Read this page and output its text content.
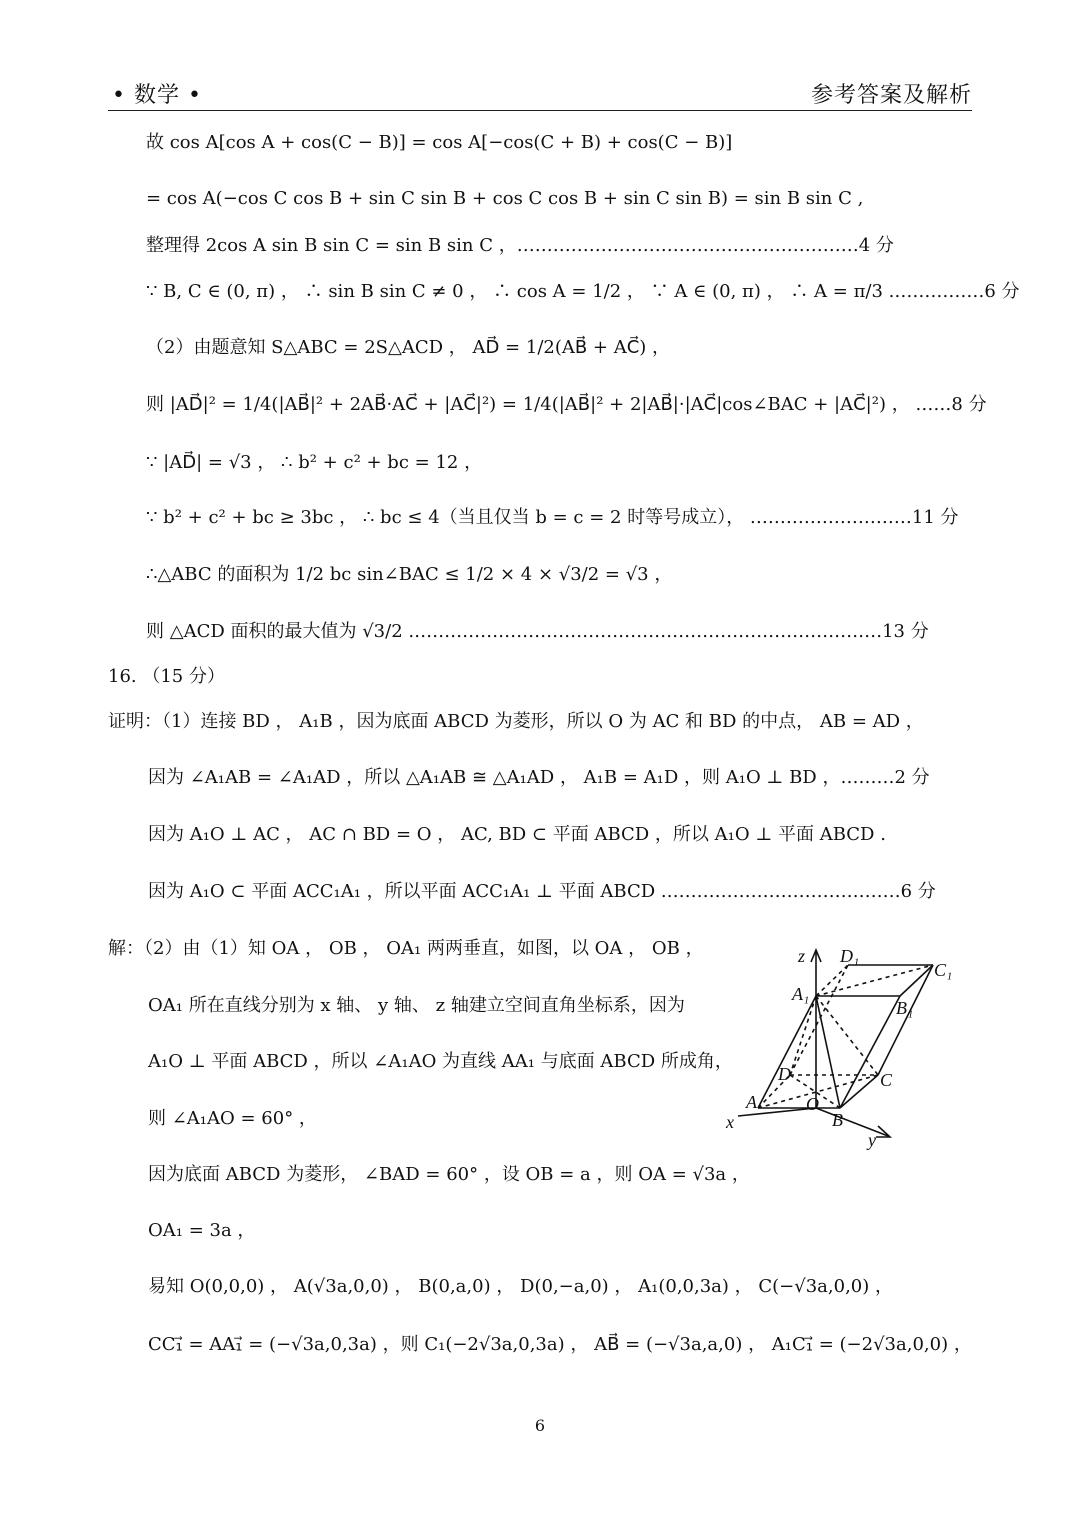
• 数学 •	参考答案及解析
故 cos A[cos A + cos(C − B)] = cos A[−cos(C + B) + cos(C − B)]
= cos A(−cos C cos B + sin C sin B + cos C cos B + sin C sin B) = sin B sin C ,
整理得 2cos A sin B sin C = sin B sin C ，…………………………………………………4 分
∵ B, C ∈ (0, π) ， ∴ sin B sin C ≠ 0 ， ∴ cos A = 1/2 ， ∵ A ∈ (0, π) ， ∴ A = π/3 .……………6 分
（2）由题意知 S△ABC = 2S△ACD ， AD⃗ = 1/2(AB⃗ + AC⃗) ，
则 |AD⃗|² = 1/4(|AB⃗|² + 2AB⃗·AC⃗ + |AC⃗|²) = 1/4(|AB⃗|² + 2|AB⃗|·|AC⃗|cos∠BAC + |AC⃗|²) ， ……8 分
∵ |AD⃗| = √3 ， ∴ b² + c² + bc = 12 ，
∵ b² + c² + bc ≥ 3bc ， ∴ bc ≤ 4（当且仅当 b = c = 2 时等号成立）， ………………………11 分
∴△ABC 的面积为 1/2 bc sin∠BAC ≤ 1/2 × 4 × √3/2 = √3 ，
则 △ACD 面积的最大值为 √3/2 .……………………………………………………………………13 分
16. （15 分）
证明：（1）连接 BD ， A₁B ，因为底面 ABCD 为菱形，所以 O 为 AC 和 BD 的中点， AB = AD ，
因为 ∠A₁AB = ∠A₁AD ，所以 △A₁AB ≅ △A₁AD ， A₁B = A₁D ，则 A₁O ⊥ BD ，………2 分
因为 A₁O ⊥ AC ， AC ∩ BD = O ， AC, BD ⊂ 平面 ABCD ，所以 A₁O ⊥ 平面 ABCD .
因为 A₁O ⊂ 平面 ACC₁A₁ ，所以平面 ACC₁A₁ ⊥ 平面 ABCD .…………………………………6 分
解：（2）由（1）知 OA ， OB ， OA₁ 两两垂直，如图，以 OA ， OB ，
OA₁ 所在直线分别为 x 轴、 y 轴、 z 轴建立空间直角坐标系，因为
A₁O ⊥ 平面 ABCD ，所以 ∠A₁AO 为直线 AA₁ 与底面 ABCD 所成角，
则 ∠A₁AO = 60° ，
因为底面 ABCD 为菱形， ∠BAD = 60° ，设 OB = a ，则 OA = √3a ，
OA₁ = 3a ，
易知 O(0,0,0) ， A(√3a,0,0) ， B(0,a,0) ， D(0,−a,0) ， A₁(0,0,3a) ， C(−√3a,0,0) ，
CC₁⃗ = AA₁⃗ = (−√3a,0,3a) ，则 C₁(−2√3a,0,3a) ， AB⃗ = (−√3a,a,0) ， A₁C₁⃗ = (−2√3a,0,0) ，
z
x
y
A
B
C
D
O
A₁
B₁
C₁
D₁
6
